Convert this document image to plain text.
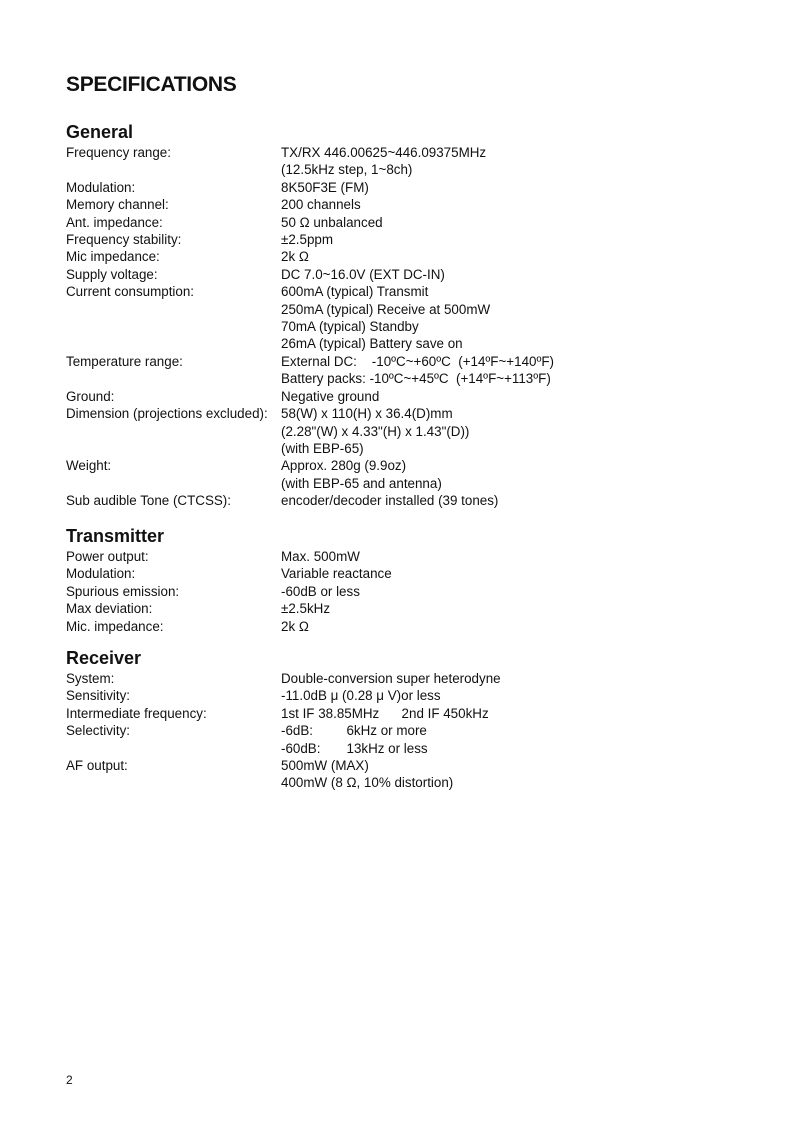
SPECIFICATIONS
General
Frequency range:	TX/RX 446.00625~446.09375MHz
(12.5kHz step, 1~8ch)
Modulation:	8K50F3E (FM)
Memory channel:	200 channels
Ant. impedance:	50 Ω unbalanced
Frequency stability:	±2.5ppm
Mic impedance:	2k Ω
Supply voltage:	DC 7.0~16.0V (EXT DC-IN)
Current consumption:	600mA (typical) Transmit
250mA (typical) Receive at 500mW
70mA (typical) Standby
26mA (typical) Battery save on
Temperature range:	External DC:    -10ºC~+60ºC  (+14ºF~+140ºF)
Battery packs: -10ºC~+45ºC  (+14ºF~+113ºF)
Ground:	Negative ground
Dimension (projections excluded): 58(W) x 110(H) x 36.4(D)mm
(2.28"(W) x 4.33"(H) x 1.43"(D))
(with EBP-65)
Weight:	Approx. 280g (9.9oz)
(with EBP-65 and antenna)
Sub audible Tone (CTCSS):	encoder/decoder installed (39 tones)
Transmitter
Power output:	Max. 500mW
Modulation:	Variable reactance
Spurious emission:	-60dB or less
Max deviation:	±2.5kHz
Mic. impedance:	2k Ω
Receiver
System:	Double-conversion super heterodyne
Sensitivity:	-11.0dB μ (0.28 μ V)or less
Intermediate frequency:	1st IF 38.85MHz      2nd IF 450kHz
Selectivity:	-6dB:         6kHz or more
-60dB:       13kHz or less
AF output:	500mW (MAX)
400mW (8 Ω, 10% distortion)
2
